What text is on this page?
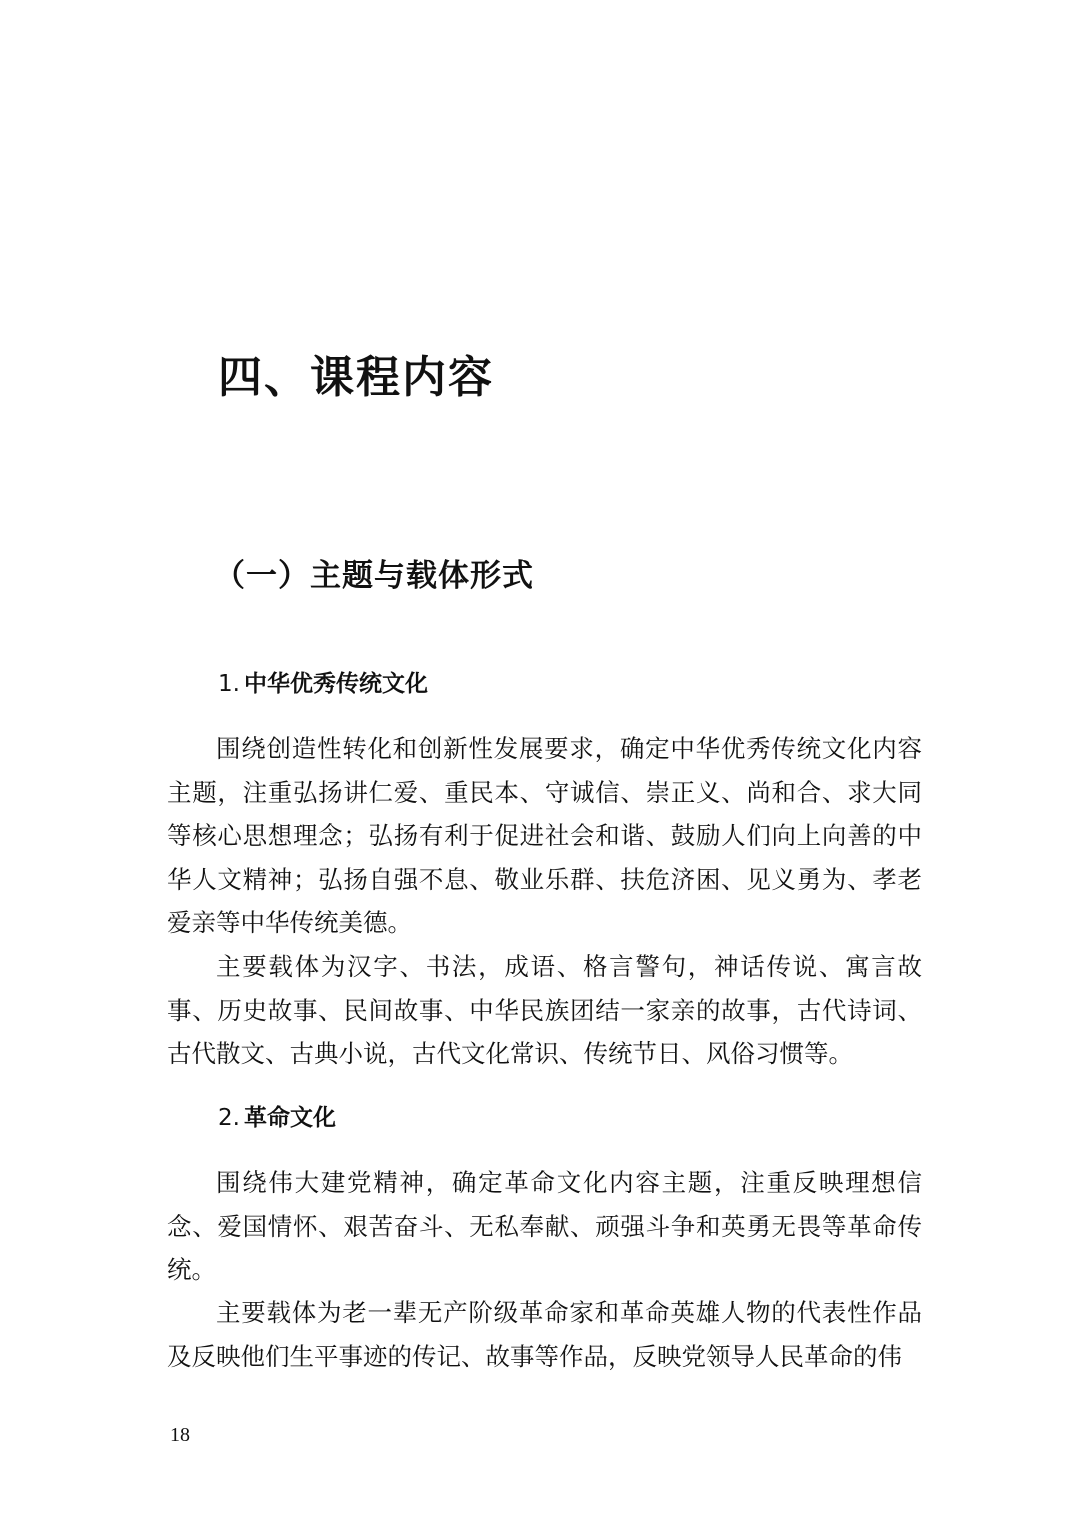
四、课程内容
（一）主题与载体形式
1. 中华优秀传统文化

围绕创造性转化和创新性发展要求，确定中华优秀传统文化内容主题，注重弘扬讲仁爱、重民本、守诚信、崇正义、尚和合、求大同等核心思想理念；弘扬有利于促进社会和谐、鼓励人们向上向善的中华人文精神；弘扬自强不息、敬业乐群、扶危济困、见义勇为、孝老爱亲等中华传统美德。

主要载体为汉字、书法，成语、格言警句，神话传说、寓言故事、历史故事、民间故事、中华民族团结一家亲的故事，古代诗词、古代散文、古典小说，古代文化常识、传统节日、风俗习惯等。

2. 革命文化

围绕伟大建党精神，确定革命文化内容主题，注重反映理想信念、爱国情怀、艰苦奋斗、无私奉献、顽强斗争和英勇无畏等革命传统。

主要载体为老一辈无产阶级革命家和革命英雄人物的代表性作品及反映他们生平事迹的传记、故事等作品，反映党领导人民革命的伟

18
